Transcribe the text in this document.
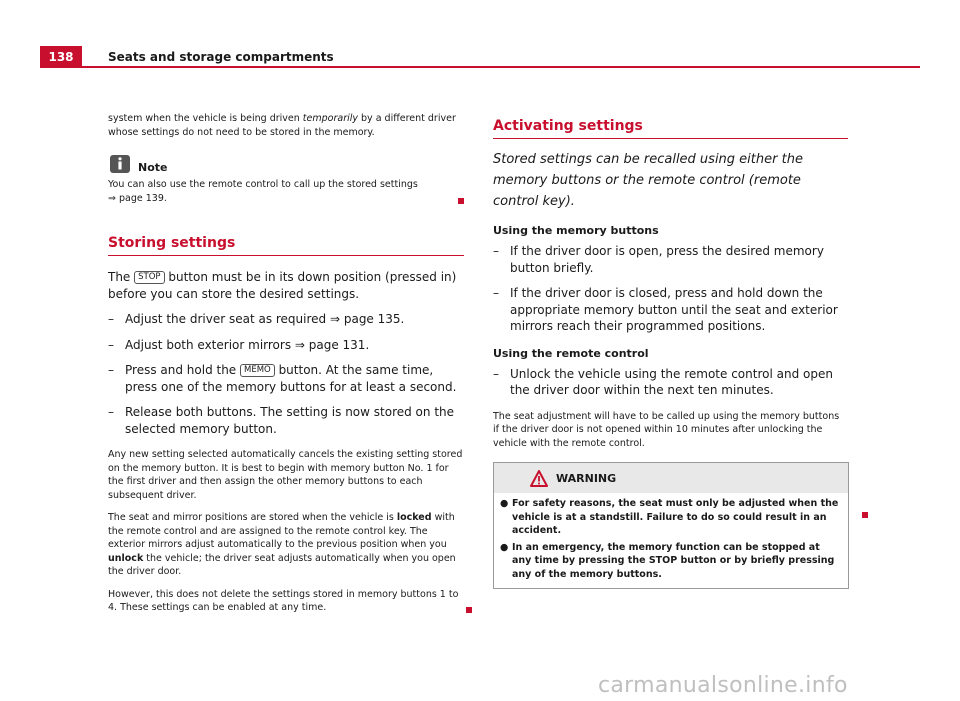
138	Seats and storage compartments

system when the vehicle is being driven temporarily by a different driver whose settings do not need to be stored in the memory.

Note

You can also use the remote control to call up the stored settings
⇒ page 139.

Storing settings

The STOP button must be in its down position (pressed in) before you can store the desired settings.

– Adjust the driver seat as required ⇒ page 135.
– Adjust both exterior mirrors ⇒ page 131.
– Press and hold the MEMO button. At the same time, press one of the memory buttons for at least a second.
– Release both buttons. The setting is now stored on the selected memory button.

Any new setting selected automatically cancels the existing setting stored on the memory button. It is best to begin with memory button No. 1 for the first driver and then assign the other memory buttons to each subsequent driver.

The seat and mirror positions are stored when the vehicle is locked with the remote control and are assigned to the remote control key. The exterior mirrors adjust automatically to the previous position when you unlock the vehicle; the driver seat adjusts automatically when you open the driver door.

However, this does not delete the settings stored in memory buttons 1 to 4. These settings can be enabled at any time.

Activating settings

Stored settings can be recalled using either the memory buttons or the remote control (remote control key).

Using the memory buttons

– If the driver door is open, press the desired memory button briefly.
– If the driver door is closed, press and hold down the appropriate memory button until the seat and exterior mirrors reach their programmed positions.

Using the remote control

– Unlock the vehicle using the remote control and open the driver door within the next ten minutes.

The seat adjustment will have to be called up using the memory buttons if the driver door is not opened within 10 minutes after unlocking the vehicle with the remote control.

WARNING
● For safety reasons, the seat must only be adjusted when the vehicle is at a standstill. Failure to do so could result in an accident.
● In an emergency, the memory function can be stopped at any time by pressing the STOP button or by briefly pressing any of the memory buttons.
carmanualsonline.info
